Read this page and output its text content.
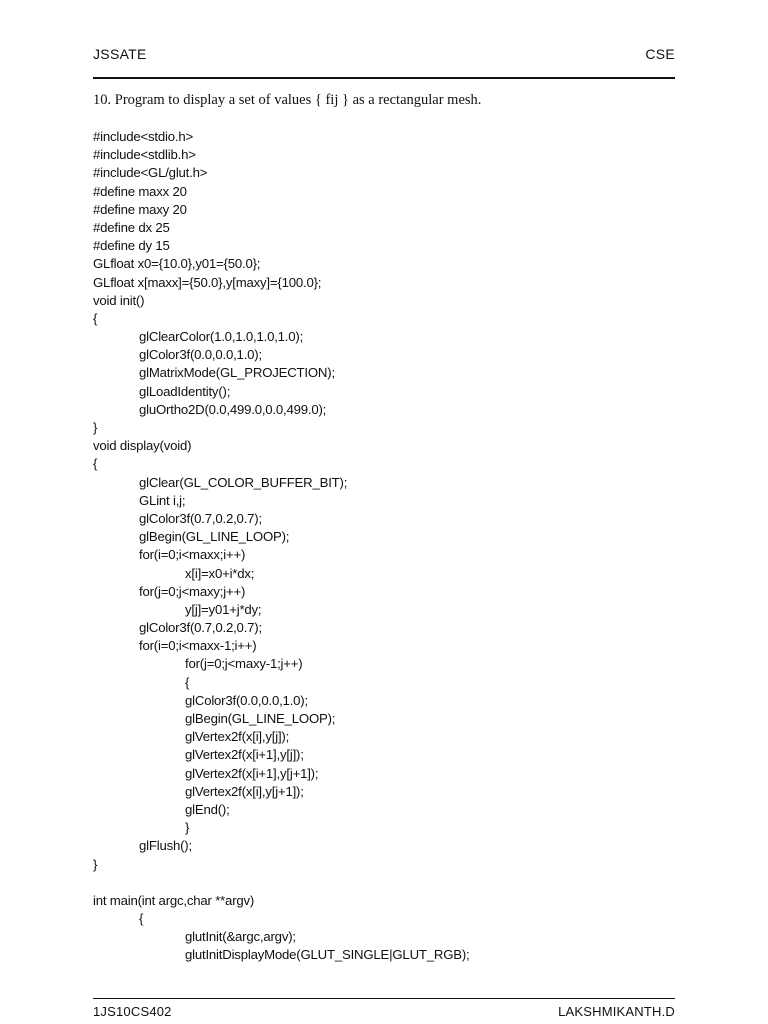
JSSATE	CSE
10. Program to display a set of values { fij } as a rectangular mesh.
#include<stdio.h>
#include<stdlib.h>
#include<GL/glut.h>
#define maxx 20
#define maxy 20
#define dx 25
#define dy 15
GLfloat x0={10.0},y01={50.0};
GLfloat x[maxx]={50.0},y[maxy]={100.0};
void init()
{
glClearColor(1.0,1.0,1.0,1.0);
glColor3f(0.0,0.0,1.0);
glMatrixMode(GL_PROJECTION);
glLoadIdentity();
gluOrtho2D(0.0,499.0,0.0,499.0);
}
void display(void)
{
glClear(GL_COLOR_BUFFER_BIT);
GLint i,j;
glColor3f(0.7,0.2,0.7);
glBegin(GL_LINE_LOOP);
for(i=0;i<maxx;i++)
x[i]=x0+i*dx;
for(j=0;j<maxy;j++)
y[j]=y01+j*dy;
glColor3f(0.7,0.2,0.7);
for(i=0;i<maxx-1;i++)
for(j=0;j<maxy-1;j++)
{
glColor3f(0.0,0.0,1.0);
glBegin(GL_LINE_LOOP);
glVertex2f(x[i],y[j]);
glVertex2f(x[i+1],y[j]);
glVertex2f(x[i+1],y[j+1]);
glVertex2f(x[i],y[j+1]);
glEnd();
}
glFlush();
}
int main(int argc,char **argv)
{
glutInit(&argc,argv);
glutInitDisplayMode(GLUT_SINGLE|GLUT_RGB);
1JS10CS402	LAKSHMIKANTH.D
